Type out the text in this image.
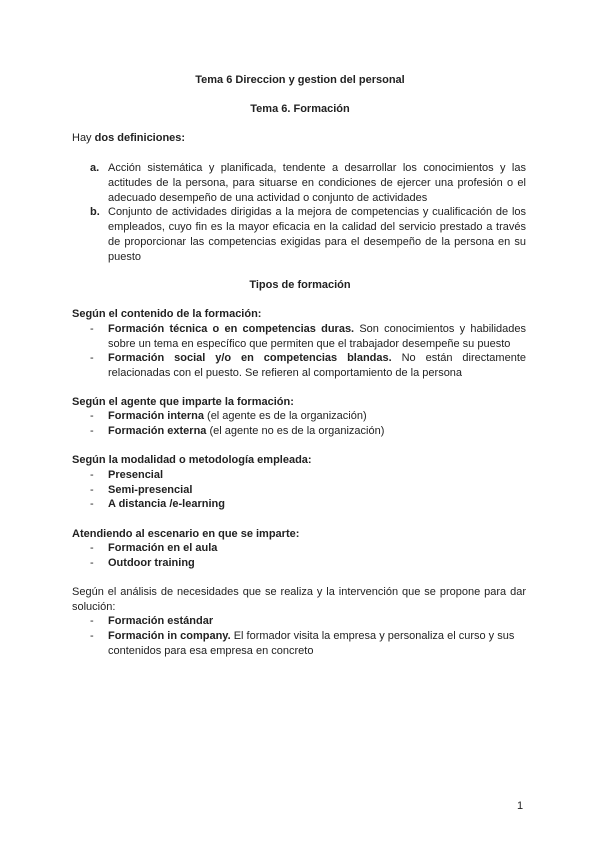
Tema 6 Direccion y gestion del personal
Tema 6. Formación
Hay dos definiciones:
a. Acción sistemática y planificada, tendente a desarrollar los conocimientos y las actitudes de la persona, para situarse en condiciones de ejercer una profesión o el adecuado desempeño de una actividad o conjunto de actividades
b. Conjunto de actividades dirigidas a la mejora de competencias y cualificación de los empleados, cuyo fin es la mayor eficacia en la calidad del servicio prestado a través de proporcionar las competencias exigidas para el desempeño de la persona en su puesto
Tipos de formación
Según el contenido de la formación:
- Formación técnica o en competencias duras. Son conocimientos y habilidades sobre un tema en específico que permiten que el trabajador desempeñe su puesto
- Formación social y/o en competencias blandas. No están directamente relacionadas con el puesto. Se refieren al comportamiento de la persona
Según el agente que imparte la formación:
- Formación interna (el agente es de la organización)
- Formación externa (el agente no es de la organización)
Según la modalidad o metodología empleada:
- Presencial
- Semi-presencial
- A distancia /e-learning
Atendiendo al escenario en que se imparte:
- Formación en el aula
- Outdoor training
Según el análisis de necesidades que se realiza y la intervención que se propone para dar solución:
- Formación estándar
- Formación in company. El formador visita la empresa y personaliza el curso y sus contenidos para esa empresa en concreto
1
